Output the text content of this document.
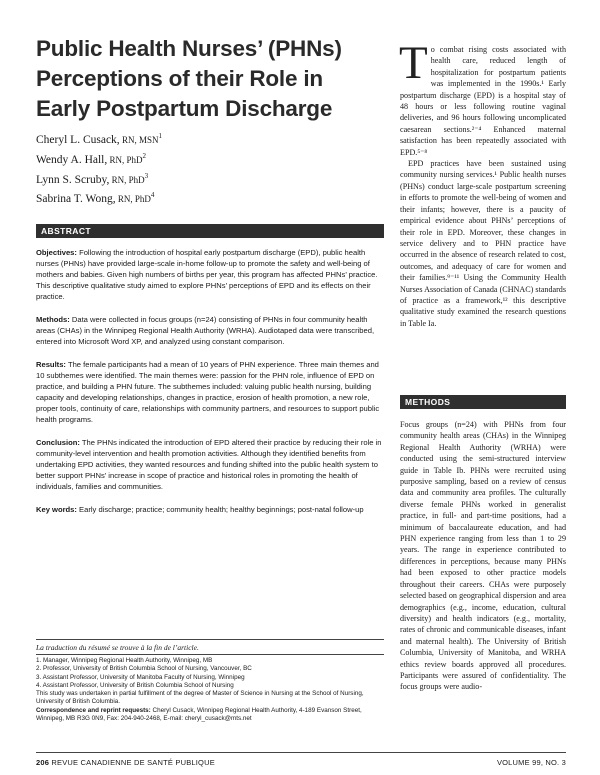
Public Health Nurses’ (PHNs) Perceptions of their Role in Early Postpartum Discharge
Cheryl L. Cusack, RN, MSN$^1$
Wendy A. Hall, RN, PhD$^2$
Lynn S. Scruby, RN, PhD$^3$
Sabrina T. Wong, RN, PhD$^4$
ABSTRACT

Objectives: Following the introduction of hospital early postpartum discharge (EPD), public health nurses (PHNs) have provided large-scale in-home follow-up to promote the safety and well-being of mothers and babies. Given high numbers of births per year, this program has affected PHNs’ practice. This descriptive qualitative study aimed to explore PHNs’ perceptions of EPD and its effects on their practice.

Methods: Data were collected in focus groups (n=24) consisting of PHNs in four community health areas (CHAs) in the Winnipeg Regional Health Authority (WRHA). Audiotaped data were transcribed, entered into Microsoft Word XP, and analyzed using constant comparison.

Results: The female participants had a mean of 10 years of PHN experience. Three main themes and 10 subthemes were identified. The main themes were: passion for the PHN role, influence of EPD on practice, and building a PHN future. The subthemes included: valuing public health nursing, building capacity and developing relationships, changes in practice, erosion of health promotion, a new role, proper tools, continuity of care, relationships with community partners, and resources to support public health programs.

Conclusion: The PHNs indicated the introduction of EPD altered their practice by reducing their role in community-level intervention and health promotion activities. Although they identified benefits from undertaking EPD activities, they wanted resources and funding shifted into the public health system to better support PHNs’ increase in scope of practice and historical roles in promoting the health of individuals, families and communities.

Key words: Early discharge; practice; community health; healthy beginnings; post-natal follow-up

La traduction du résumé se trouve à la fin de l’article.
1. Manager, Winnipeg Regional Health Authority, Winnipeg, MB
2. Professor, University of British Columbia School of Nursing, Vancouver, BC
3. Assistant Professor, University of Manitoba Faculty of Nursing, Winnipeg
4. Assistant Professor, University of British Columbia School of Nursing
This study was undertaken in partial fulfillment of the degree of Master of Science in Nursing at the School of Nursing, University of British Columbia.
Correspondence and reprint requests: Cheryl Cusack, Winnipeg Regional Health Authority, 4-189 Evanson Street, Winnipeg, MB R3G 0N9, Fax: 204-940-2468, E-mail: cheryl_cusack@mts.net

To combat rising costs associated with health care, reduced length of hospitalization for postpartum patients was implemented in the 1990s.¹ Early postpartum discharge (EPD) is a hospital stay of 48 hours or less following routine vaginal deliveries, and 96 hours following uncomplicated caesarean sections.²⁻⁴ Enhanced maternal satisfaction has been repeatedly associated with EPD.⁵⁻⁸

EPD practices have been sustained using community nursing services.¹ Public health nurses (PHNs) conduct large-scale postpartum screening in efforts to promote the well-being of women and their infants; however, there is a paucity of empirical evidence about PHNs’ perceptions of their role in EPD. Moreover, these changes in service delivery and to PHN practice have occurred in the absence of research related to cost, outcomes, and adequacy of care for women and their families.⁹⁻¹¹ Using the Community Health Nurses Association of Canada (CHNAC) standards of practice as a framework,¹² this descriptive qualitative study examined the research questions in Table Ia.

METHODS

Focus groups (n=24) with PHNs from four community health areas (CHAs) in the Winnipeg Regional Health Authority (WRHA) were conducted using the semi-structured interview guide in Table Ib. PHNs were recruited using purposive sampling, based on a review of census data and community area profiles. The culturally diverse female PHNs worked in generalist practice, in full- and part-time positions, had a minimum of baccalaureate education, and had PHN experience ranging from less than 1 to 29 years. The range in experience contributed to differences in perceptions, because many PHNs had been exposed to other practice models throughout their careers. CHAs were purposely selected based on geographical dispersion and area demographics (e.g., income, education, cultural diversity) and health indicators (e.g., mortality, rates of chronic and communicable diseases, infant and maternal health). The University of British Columbia, University of Manitoba, and WRHA ethics review boards approved all procedures. Participants were assured of confidentiality. The focus groups were audio-

206 REVUE CANADIENNE DE SANTÉ PUBLIQUE	VOLUME 99, NO. 3
